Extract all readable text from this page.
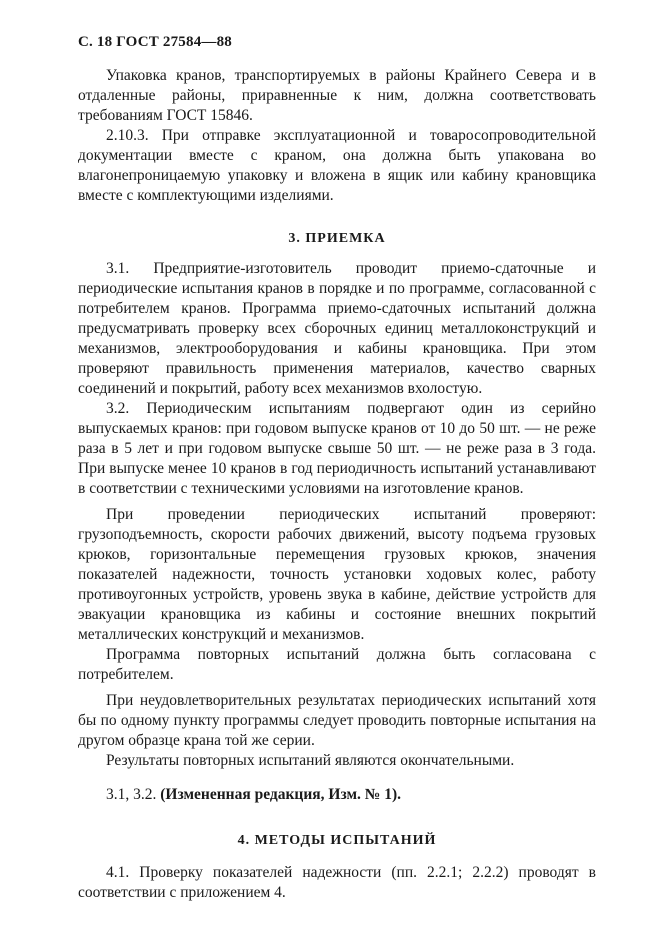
С. 18 ГОСТ 27584—88

Упаковка кранов, транспортируемых в районы Крайнего Севера и в отдаленные районы, приравненные к ним, должна соответствовать требованиям ГОСТ 15846.

2.10.3. При отправке эксплуатационной и товаросопроводительной документации вместе с краном, она должна быть упакована во влагонепроницаемую упаковку и вложена в ящик или кабину крановщика вместе с комплектующими изделиями.

3. ПРИЕМКА

3.1. Предприятие-изготовитель проводит приемо-сдаточные и периодические испытания кранов в порядке и по программе, согласованной с потребителем кранов. Программа приемо-сдаточных испытаний должна предусматривать проверку всех сборочных единиц металлоконструкций и механизмов, электрооборудования и кабины крановщика. При этом проверяют правильность применения материалов, качество сварных соединений и покрытий, работу всех механизмов вхолостую.

3.2. Периодическим испытаниям подвергают один из серийно выпускаемых кранов: при годовом выпуске кранов от 10 до 50 шт. — не реже раза в 5 лет и при годовом выпуске свыше 50 шт. — не реже раза в 3 года. При выпуске менее 10 кранов в год периодичность испытаний устанавливают в соответствии с техническими условиями на изготовление кранов.

При проведении периодических испытаний проверяют: грузоподъемность, скорости рабочих движений, высоту подъема грузовых крюков, горизонтальные перемещения грузовых крюков, значения показателей надежности, точность установки ходовых колес, работу противоугонных устройств, уровень звука в кабине, действие устройств для эвакуации крановщика из кабины и состояние внешних покрытий металлических конструкций и механизмов.

Программа повторных испытаний должна быть согласована с потребителем.

При неудовлетворительных результатах периодических испытаний хотя бы по одному пункту программы следует проводить повторные испытания на другом образце крана той же серии.

Результаты повторных испытаний являются окончательными.

3.1, 3.2. (Измененная редакция, Изм. № 1).

4. МЕТОДЫ ИСПЫТАНИЙ

4.1. Проверку показателей надежности (пп. 2.2.1; 2.2.2) проводят в соответствии с приложением 4.
